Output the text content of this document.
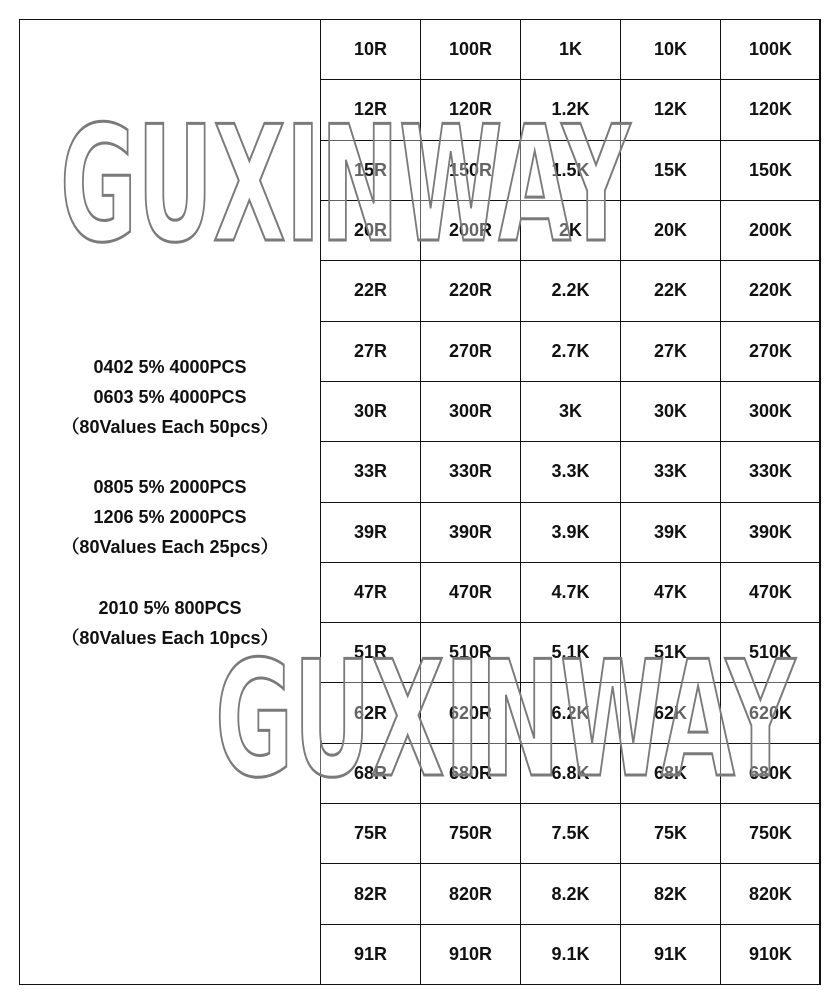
0402 5% 4000PCS
0603 5% 4000PCS
（80Values Each 50pcs）
0805 5% 2000PCS
1206 5% 2000PCS
（80Values Each 25pcs）
2010 5% 800PCS
（80Values Each 10pcs）
10R	100R	1K	10K	100K
12R	120R	1.2K	12K	120K
15R	150R	1.5K	15K	150K
20R	200R	2K	20K	200K
22R	220R	2.2K	22K	220K
27R	270R	2.7K	27K	270K
30R	300R	3K	30K	300K
33R	330R	3.3K	33K	330K
39R	390R	3.9K	39K	390K
47R	470R	4.7K	47K	470K
51R	510R	5.1K	51K	510K
62R	620R	6.2K	62K	620K
68R	680R	6.8K	68K	680K
75R	750R	7.5K	75K	750K
82R	820R	8.2K	82K	820K
91R	910R	9.1K	91K	910K
GUXINWAY
GUXINWAY
